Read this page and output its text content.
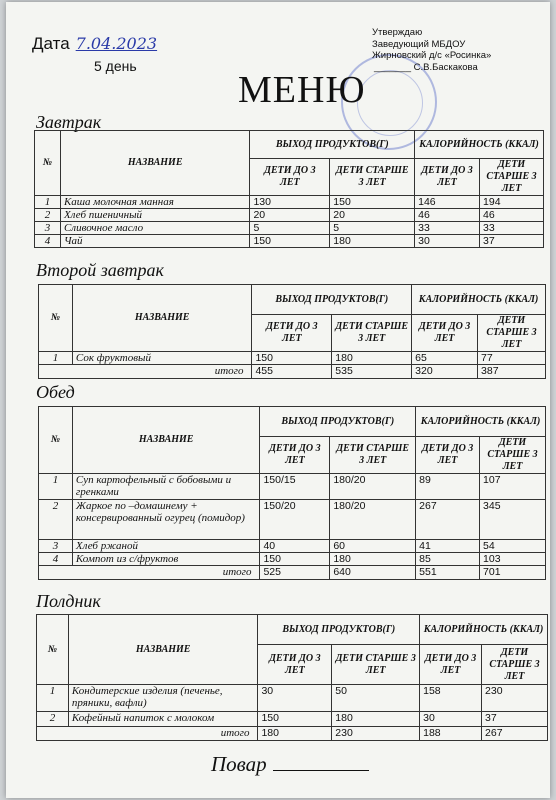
Дата 7.04.2023
5 день
Утверждаю
Заведующий МБДОУ
Жирновский д/с «Росинка»
_______ С.В.Баскакова
МЕНЮ
Завтрак
Второй завтрак
Обед
Полдник
№	НАЗВАНИЕ	ВЫХОД ПРОДУКТОВ(Г)		КАЛОРИЙНОСТЬ (ККАЛ)	
		ДЕТИ ДО 3 ЛЕТ	ДЕТИ СТАРШЕ 3 ЛЕТ	ДЕТИ ДО 3 ЛЕТ	ДЕТИ СТАРШЕ 3 ЛЕТ
1	Каша молочная манная	130	150	146	194
2	Хлеб пшеничный	20	20	46	46
3	Сливочное масло	5	5	33	33
4	Чай	150	180	30	37
№	НАЗВАНИЕ	ВЫХОД ПРОДУКТОВ(Г)		КАЛОРИЙНОСТЬ (ККАЛ)	
		ДЕТИ ДО 3 ЛЕТ	ДЕТИ СТАРШЕ 3 ЛЕТ	ДЕТИ ДО 3 ЛЕТ	ДЕТИ СТАРШЕ 3 ЛЕТ
1	Сок фруктовый	150	180	65	77
итого		455	535	320	387
№	НАЗВАНИЕ	ВЫХОД ПРОДУКТОВ(Г)		КАЛОРИЙНОСТЬ (ККАЛ)	
		ДЕТИ ДО 3 ЛЕТ	ДЕТИ СТАРШЕ 3 ЛЕТ	ДЕТИ ДО 3 ЛЕТ	ДЕТИ СТАРШЕ 3 ЛЕТ
1	Суп картофельный с бобовыми и гренками	150/15	180/20	89	107
2	Жаркое по –домашнему + консервированный огурец (помидор)	150/20	180/20	267	345
3	Хлеб ржаной	40	60	41	54
4	Компот из с/фруктов	150	180	85	103
итого		525	640	551	701
№	НАЗВАНИЕ	ВЫХОД ПРОДУКТОВ(Г)		КАЛОРИЙНОСТЬ (ККАЛ)	
		ДЕТИ ДО 3 ЛЕТ	ДЕТИ СТАРШЕ 3 ЛЕТ	ДЕТИ ДО 3 ЛЕТ	ДЕТИ СТАРШЕ 3 ЛЕТ
1	Кондитерские изделия (печенье, пряники, вафли)	30	50	158	230
2	Кофейный напиток с молоком	150	180	30	37
итого		180	230	188	267
Повар
